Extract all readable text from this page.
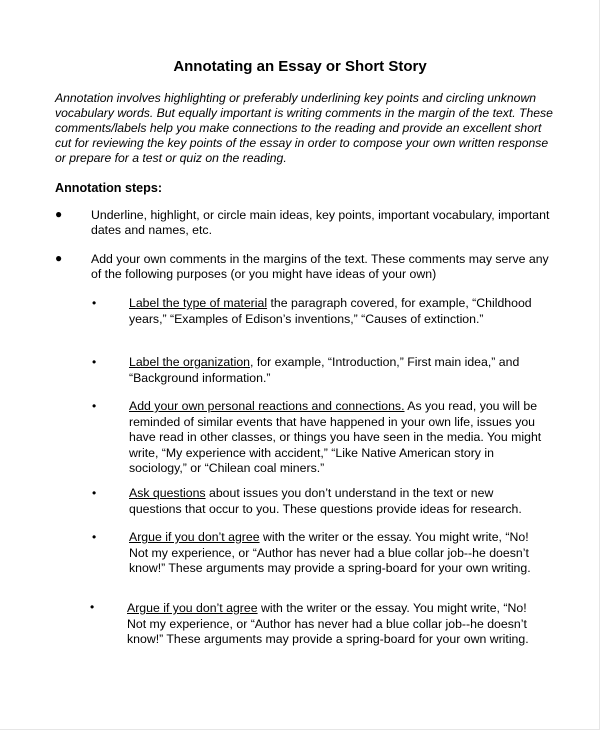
Annotating an Essay or Short Story
Annotation involves highlighting or preferably underlining key points and circling unknown vocabulary words. But equally important is writing comments in the margin of the text. These comments/labels help you make connections to the reading and provide an excellent short cut for reviewing the key points of the essay in order to compose your own written response or prepare for a test or quiz on the reading.
Annotation steps:
● Underline, highlight, or circle main ideas, key points, important vocabulary, important dates and names, etc.
● Add your own comments in the margins of the text. These comments may serve any of the following purposes (or you might have ideas of your own)
•	Label the type of material the paragraph covered, for example, “Childhood years,” “Examples of Edison’s inventions,” “Causes of extinction.”
•	Label the organization, for example, “Introduction,” First main idea,” and “Background information.”
•	Add your own personal reactions and connections. As you read, you will be reminded of similar events that have happened in your own life, issues you have read in other classes, or things you have seen in the media. You might write, “My experience with accident,” “Like Native American story in sociology,” or “Chilean coal miners.”
•	Ask questions about issues you don’t understand in the text or new questions that occur to you. These questions provide ideas for research.
•	Argue if you don’t agree with the writer or the essay. You might write, “No! Not my experience, or “Author has never had a blue collar job--he doesn’t know!” These arguments may provide a spring-board for your own writing.
•	Argue if you don’t agree with the writer or the essay. You might write, “No! Not my experience, or “Author has never had a blue collar job--he doesn’t know!” These arguments may provide a spring-board for your own writing.
